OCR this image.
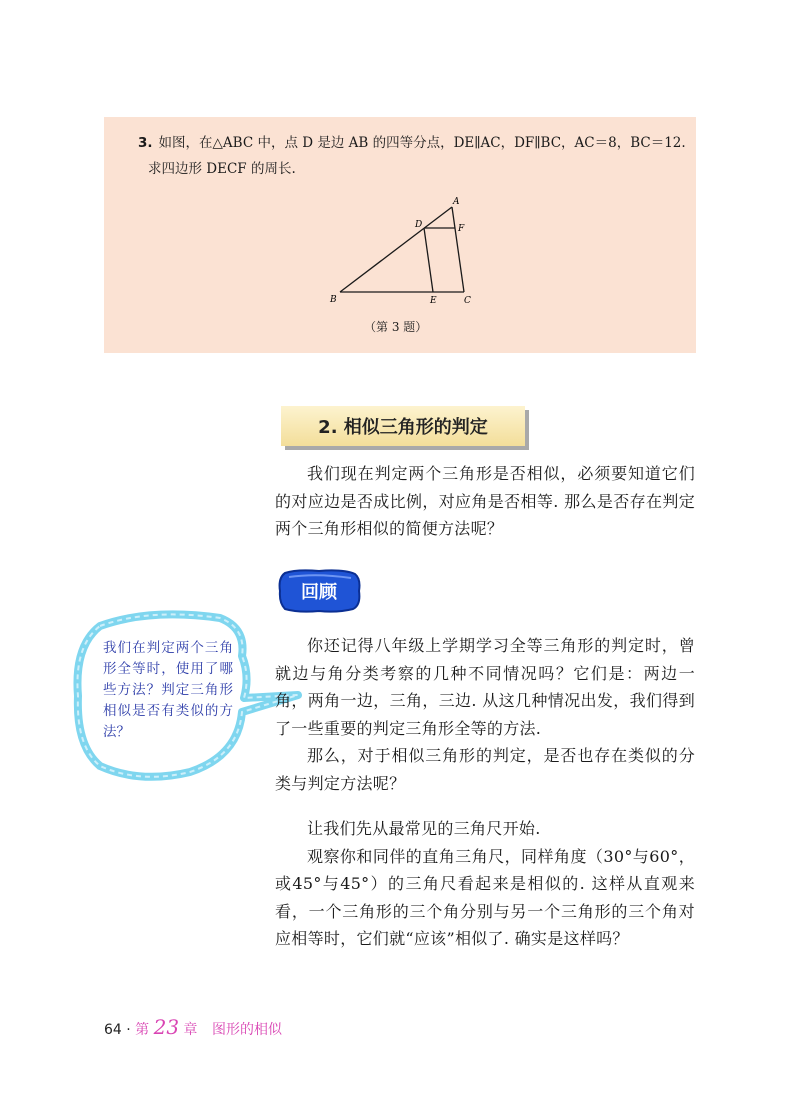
3. 如图，在△ABC 中，点 D 是边 AB 的四等分点，DE∥AC，DF∥BC，AC＝8，BC＝12.
求四边形 DECF 的周长.
A
D	F
B	E	C
（第 3 题）
2. 相似三角形的判定

我们现在判定两个三角形是否相似，必须要知道它们的对应边是否成比例，对应角是否相等. 那么是否存在判定两个三角形相似的简便方法呢？

回顾
我们在判定两个三角形全等时，使用了哪些方法？判定三角形相似是否有类似的方法？

你还记得八年级上学期学习全等三角形的判定时，曾就边与角分类考察的几种不同情况吗？它们是：两边一角，两角一边，三角，三边. 从这几种情况出发，我们得到了一些重要的判定三角形全等的方法.

那么，对于相似三角形的判定，是否也存在类似的分类与判定方法呢？

让我们先从最常见的三角尺开始.

观察你和同伴的直角三角尺，同样角度（30°与60°，或45°与45°）的三角尺看起来是相似的. 这样从直观来看，一个三角形的三个角分别与另一个三角形的三个角对应相等时，它们就“应该”相似了. 确实是这样吗？

64 · 第 23 章 图形的相似
